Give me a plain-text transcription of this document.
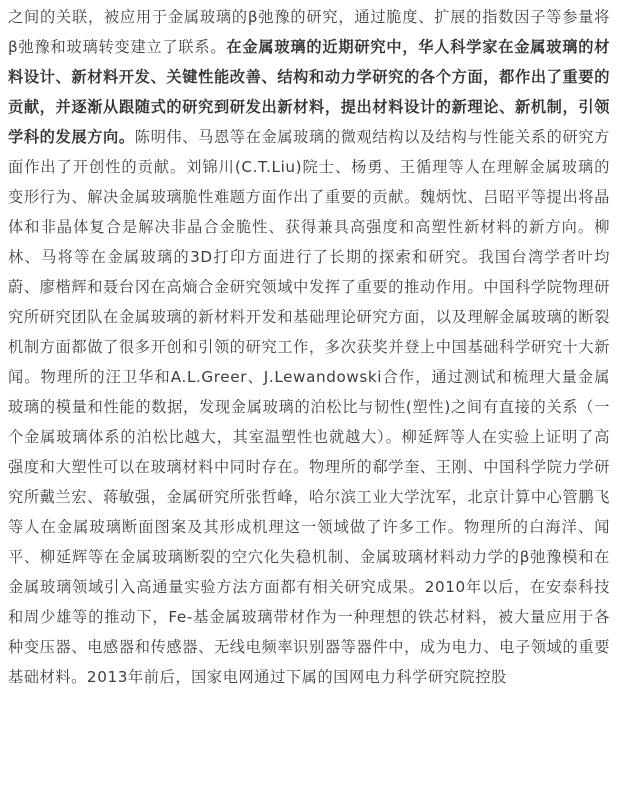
之间的关联，被应用于金属玻璃的β弛豫的研究，通过脆度、扩展的指数因子等参量将β弛豫和玻璃转变建立了联系。在金属玻璃的近期研究中，华人科学家在金属玻璃的材料设计、新材料开发、关键性能改善、结构和动力学研究的各个方面，都作出了重要的贡献，并逐渐从跟随式的研究到研发出新材料，提出材料设计的新理论、新机制，引领学科的发展方向。陈明伟、马恩等在金属玻璃的微观结构以及结构与性能关系的研究方面作出了开创性的贡献。刘锦川(C.T.Liu)院士、杨勇、王循理等人在理解金属玻璃的变形行为、解决金属玻璃脆性难题方面作出了重要的贡献。魏炳忱、吕昭平等提出将晶体和非晶体复合是解决非晶合金脆性、获得兼具高强度和高塑性新材料的新方向。柳林、马将等在金属玻璃的3D打印方面进行了长期的探索和研究。我国台湾学者叶均蔚、廖楷辉和聂台冈在高熵合金研究领域中发挥了重要的推动作用。中国科学院物理研究所研究团队在金属玻璃的新材料开发和基础理论研究方面，以及理解金属玻璃的断裂机制方面都做了很多开创和引领的研究工作，多次获奖并登上中国基础科学研究十大新闻。物理所的汪卫华和A.L.Greer、J.Lewandowski合作，通过测试和梳理大量金属玻璃的模量和性能的数据，发现金属玻璃的泊松比与韧性(塑性)之间有直接的关系（一个金属玻璃体系的泊松比越大，其室温塑性也就越大）。柳延辉等人在实验上证明了高强度和大塑性可以在玻璃材料中同时存在。物理所的郗学奎、王刚、中国科学院力学研究所戴兰宏、蒋敏强，金属研究所张哲峰，哈尔滨工业大学沈军，北京计算中心管鹏飞等人在金属玻璃断面图案及其形成机理这一领域做了许多工作。物理所的白海洋、闻平、柳延辉等在金属玻璃断裂的空穴化失稳机制、金属玻璃材料动力学的β弛豫模和在金属玻璃领域引入高通量实验方法方面都有相关研究成果。2010年以后，在安泰科技和周少雄等的推动下，Fe-基金属玻璃带材作为一种理想的铁芯材料，被大量应用于各种变压器、电感器和传感器、无线电频率识别器等器件中，成为电力、电子领域的重要基础材料。2013年前后，国家电网通过下属的国网电力科学研究院控股
